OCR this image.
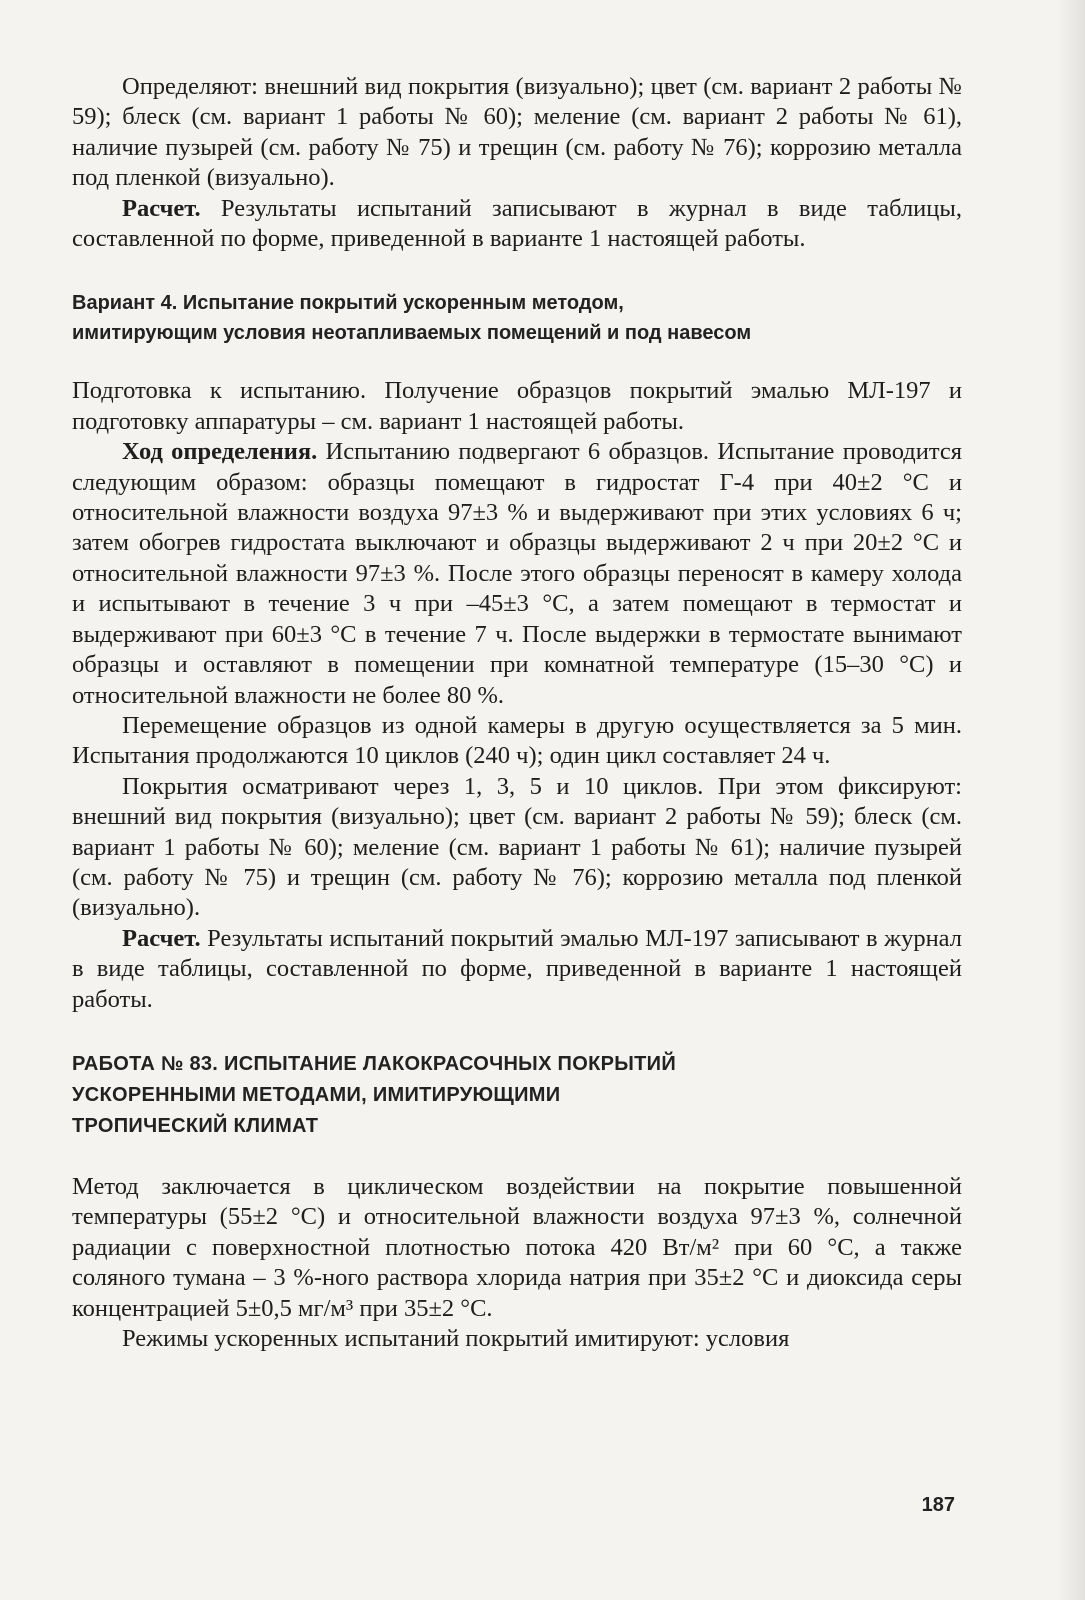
Определяют: внешний вид покрытия (визуально); цвет (см. вариант 2 работы № 59); блеск (см. вариант 1 работы № 60); меление (см. вариант 2 работы № 61), наличие пузырей (см. работу № 75) и трещин (см. работу № 76); коррозию металла под пленкой (визуально).

Расчет. Результаты испытаний записывают в журнал в виде таблицы, составленной по форме, приведенной в варианте 1 настоящей работы.

Вариант 4. Испытание покрытий ускоренным методом,

имитирующим условия неотапливаемых помещений и под навесом

Подготовка к испытанию. Получение образцов покрытий эмалью МЛ-197 и подготовку аппаратуры – см. вариант 1 настоящей работы.

Ход определения. Испытанию подвергают 6 образцов. Испытание проводится следующим образом: образцы помещают в гидростат Г-4 при 40±2 °С и относительной влажности воздуха 97±3 % и выдерживают при этих условиях 6 ч; затем обогрев гидростата выключают и образцы выдерживают 2 ч при 20±2 °С и относительной влажности 97±3 %. После этого образцы переносят в камеру холода и испытывают в течение 3 ч при –45±3 °С, а затем помещают в термостат и выдерживают при 60±3 °С в течение 7 ч. После выдержки в термостате вынимают образцы и оставляют в помещении при комнатной температуре (15–30 °С) и относительной влажности не более 80 %.

Перемещение образцов из одной камеры в другую осуществляется за 5 мин. Испытания продолжаются 10 циклов (240 ч); один цикл составляет 24 ч.

Покрытия осматривают через 1, 3, 5 и 10 циклов. При этом фиксируют: внешний вид покрытия (визуально); цвет (см. вариант 2 работы № 59); блеск (см. вариант 1 работы № 60); меление (см. вариант 1 работы № 61); наличие пузырей (см. работу № 75) и трещин (см. работу № 76); коррозию металла под пленкой (визуально).

Расчет. Результаты испытаний покрытий эмалью МЛ-197 записывают в журнал в виде таблицы, составленной по форме, приведенной в варианте 1 настоящей работы.

РАБОТА № 83. ИСПЫТАНИЕ ЛАКОКРАСОЧНЫХ ПОКРЫТИЙ

УСКОРЕННЫМИ МЕТОДАМИ, ИМИТИРУЮЩИМИ

ТРОПИЧЕСКИЙ КЛИМАТ

Метод заключается в циклическом воздействии на покрытие повышенной температуры (55±2 °С) и относительной влажности воздуха 97±3 %, солнечной радиации с поверхностной плотностью потока 420 Вт/м² при 60 °С, а также соляного тумана – 3 %-ного раствора хлорида натрия при 35±2 °С и диоксида серы концентрацией 5±0,5 мг/м³ при 35±2 °С.

Режимы ускоренных испытаний покрытий имитируют: условия

187
